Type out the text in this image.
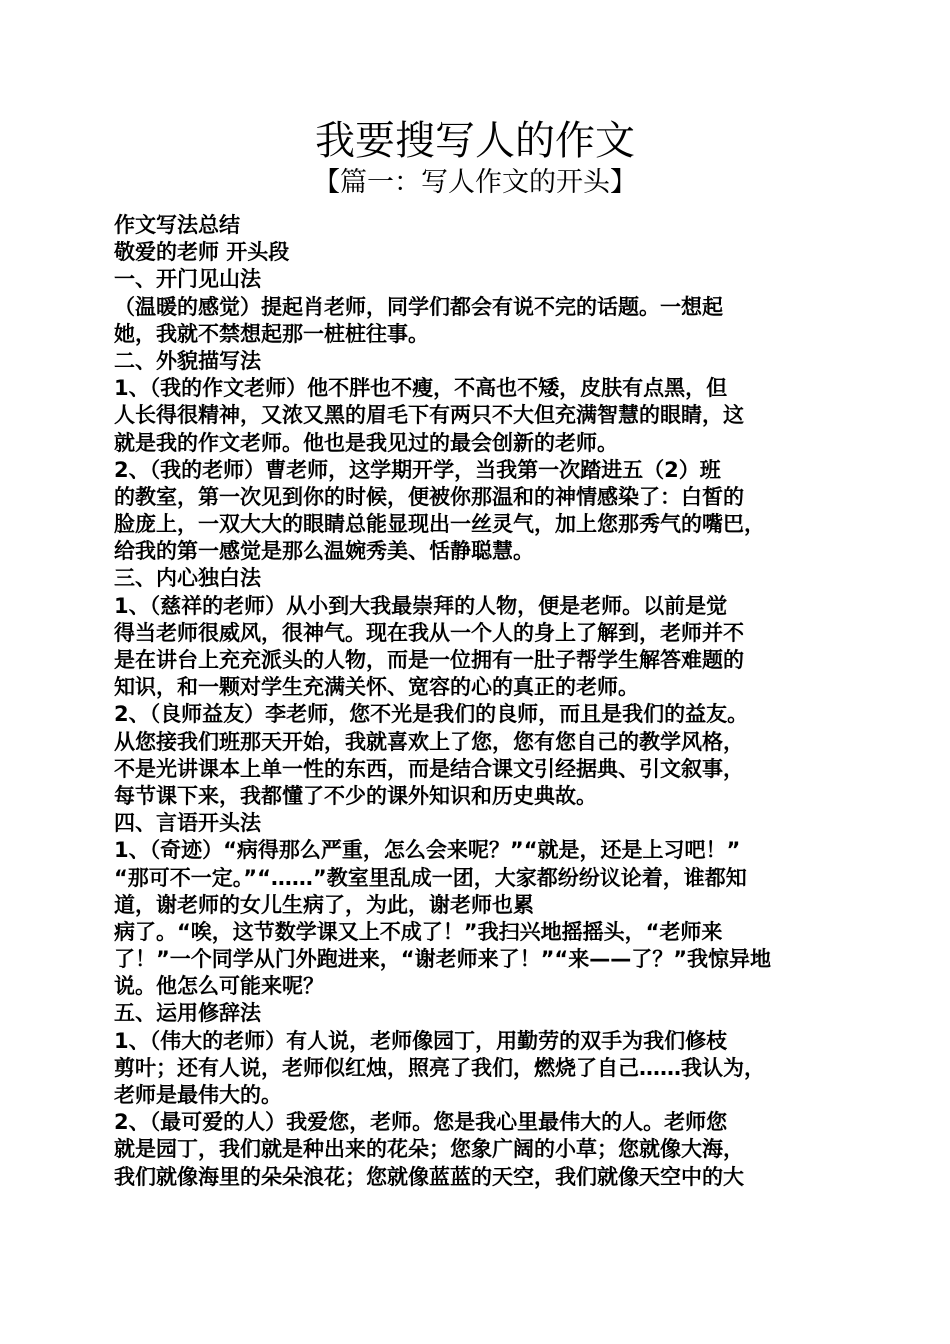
我要搜写人的作文
【篇一：写人作文的开头】
作文写法总结
敬爱的老师 开头段
一、开门见山法
（温暖的感觉）提起肖老师，同学们都会有说不完的话题。一想起
她，我就不禁想起那一桩桩往事。
二、外貌描写法
1、（我的作文老师）他不胖也不瘦，不高也不矮，皮肤有点黑，但
人长得很精神，又浓又黑的眉毛下有两只不大但充满智慧的眼睛，这
就是我的作文老师。他也是我见过的最会创新的老师。
2、（我的老师）曹老师，这学期开学，当我第一次踏进五（2）班
的教室，第一次见到你的时候，便被你那温和的神情感染了：白皙的
脸庞上，一双大大的眼睛总能显现出一丝灵气，加上您那秀气的嘴巴，
给我的第一感觉是那么温婉秀美、恬静聪慧。
三、内心独白法
1、（慈祥的老师）从小到大我最崇拜的人物，便是老师。以前是觉
得当老师很威风，很神气。现在我从一个人的身上了解到，老师并不
是在讲台上充充派头的人物，而是一位拥有一肚子帮学生解答难题的
知识，和一颗对学生充满关怀、宽容的心的真正的老师。
2、（良师益友）李老师，您不光是我们的良师，而且是我们的益友。
从您接我们班那天开始，我就喜欢上了您，您有您自己的教学风格，
不是光讲课本上单一性的东西，而是结合课文引经据典、引文叙事，
每节课下来，我都懂了不少的课外知识和历史典故。
四、言语开头法
1、（奇迹）“病得那么严重，怎么会来呢？”“就是，还是上习吧！”
“那可不一定。”“……”教室里乱成一团，大家都纷纷议论着，谁都知
道，谢老师的女儿生病了，为此，谢老师也累
病了。“唉，这节数学课又上不成了！”我扫兴地摇摇头，“老师来
了！”一个同学从门外跑进来，“谢老师来了！”“来——了？”我惊异地
说。他怎么可能来呢？
五、运用修辞法
1、（伟大的老师）有人说，老师像园丁，用勤劳的双手为我们修枝
剪叶；还有人说，老师似红烛，照亮了我们，燃烧了自己……我认为，
老师是最伟大的。
2、（最可爱的人）我爱您，老师。您是我心里最伟大的人。老师您
就是园丁，我们就是种出来的花朵；您象广阔的小草；您就像大海，
我们就像海里的朵朵浪花；您就像蓝蓝的天空，我们就像天空中的大
